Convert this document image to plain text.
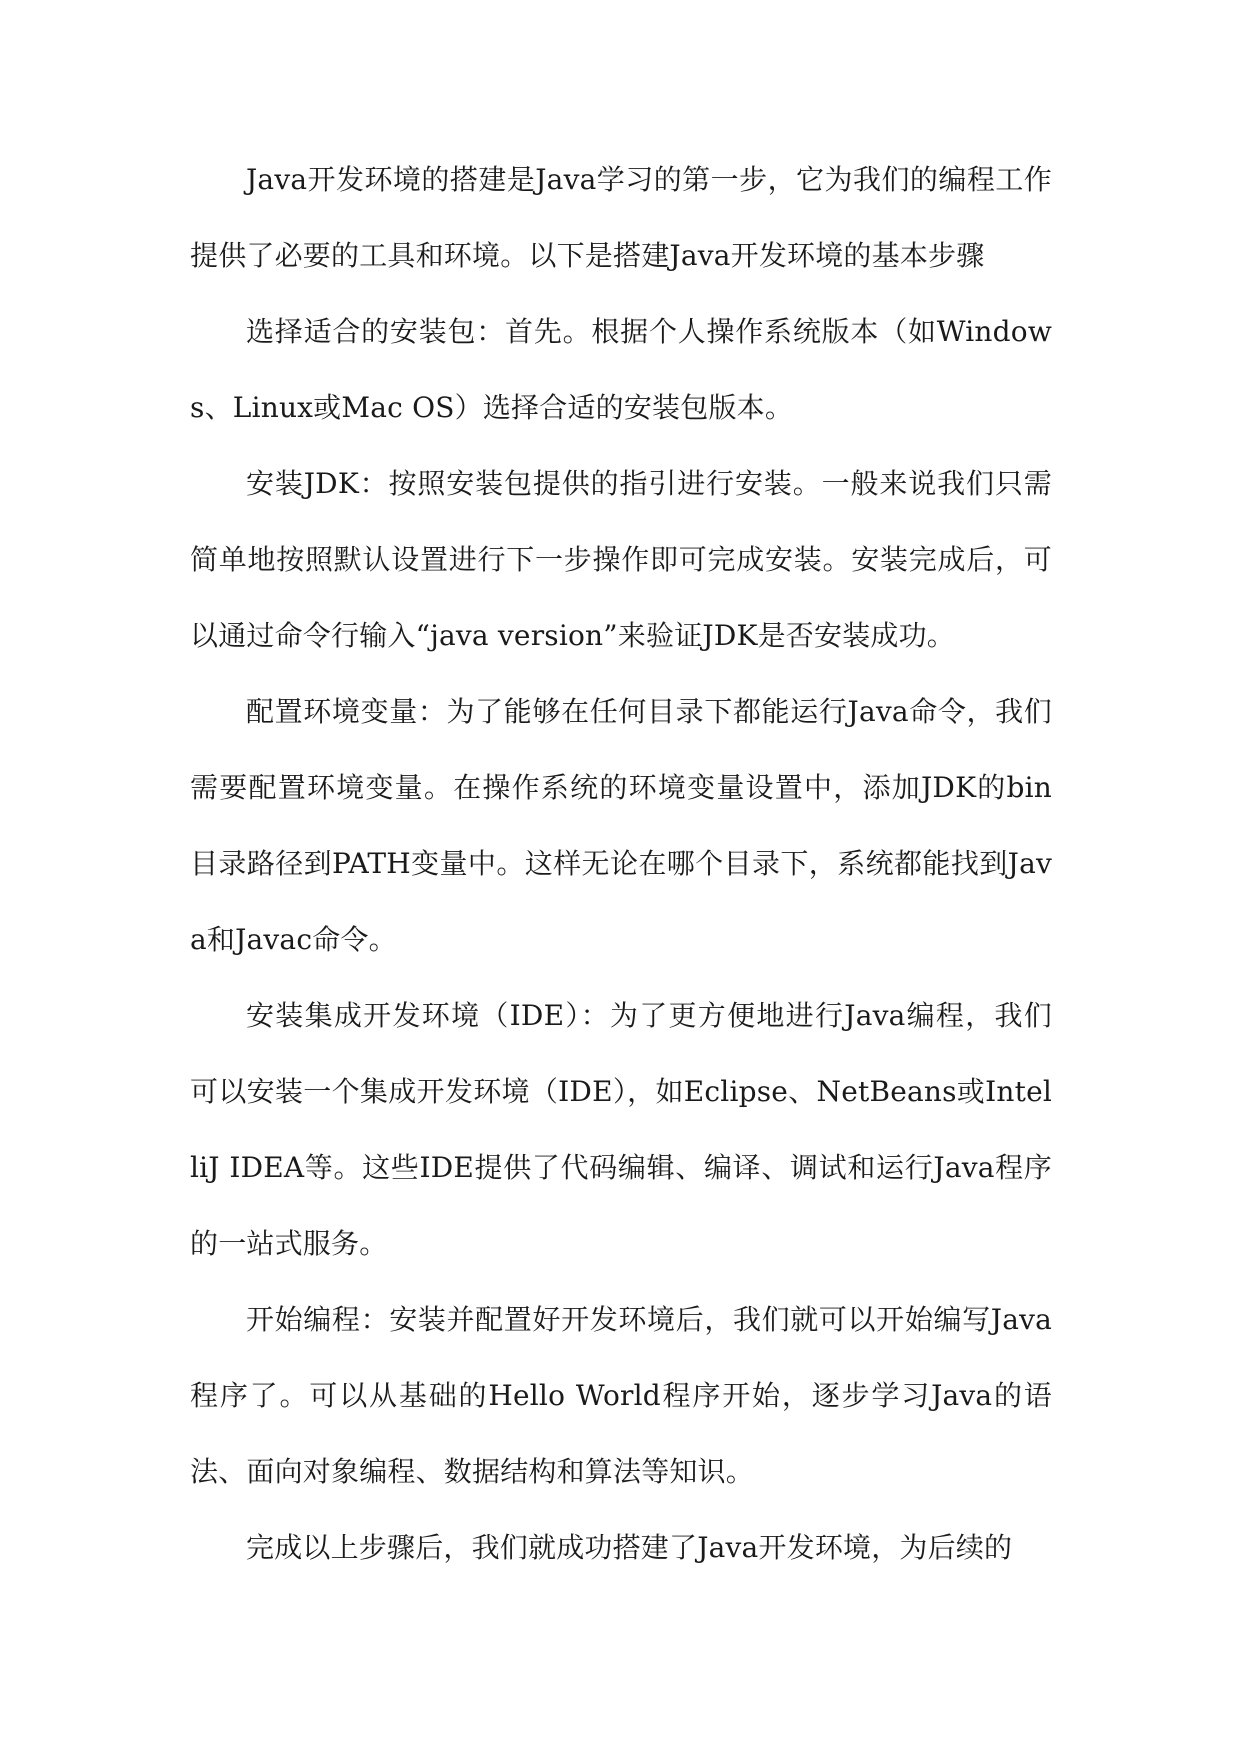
Java开发环境的搭建是Java学习的第一步，它为我们的编程工作提供了必要的工具和环境。以下是搭建Java开发环境的基本步骤

选择适合的安装包：首先。根据个人操作系统版本（如Windows、Linux或Mac OS）选择合适的安装包版本。

安装JDK：按照安装包提供的指引进行安装。一般来说我们只需简单地按照默认设置进行下一步操作即可完成安装。安装完成后，可以通过命令行输入“java version”来验证JDK是否安装成功。

配置环境变量：为了能够在任何目录下都能运行Java命令，我们需要配置环境变量。在操作系统的环境变量设置中，添加JDK的bin目录路径到PATH变量中。这样无论在哪个目录下，系统都能找到Java和Javac命令。

安装集成开发环境（IDE）：为了更方便地进行Java编程，我们可以安装一个集成开发环境（IDE），如Eclipse、NetBeans或IntelliJ IDEA等。这些IDE提供了代码编辑、编译、调试和运行Java程序的一站式服务。

开始编程：安装并配置好开发环境后，我们就可以开始编写Java程序了。可以从基础的Hello World程序开始，逐步学习Java的语法、面向对象编程、数据结构和算法等知识。

完成以上步骤后，我们就成功搭建了Java开发环境，为后续的
